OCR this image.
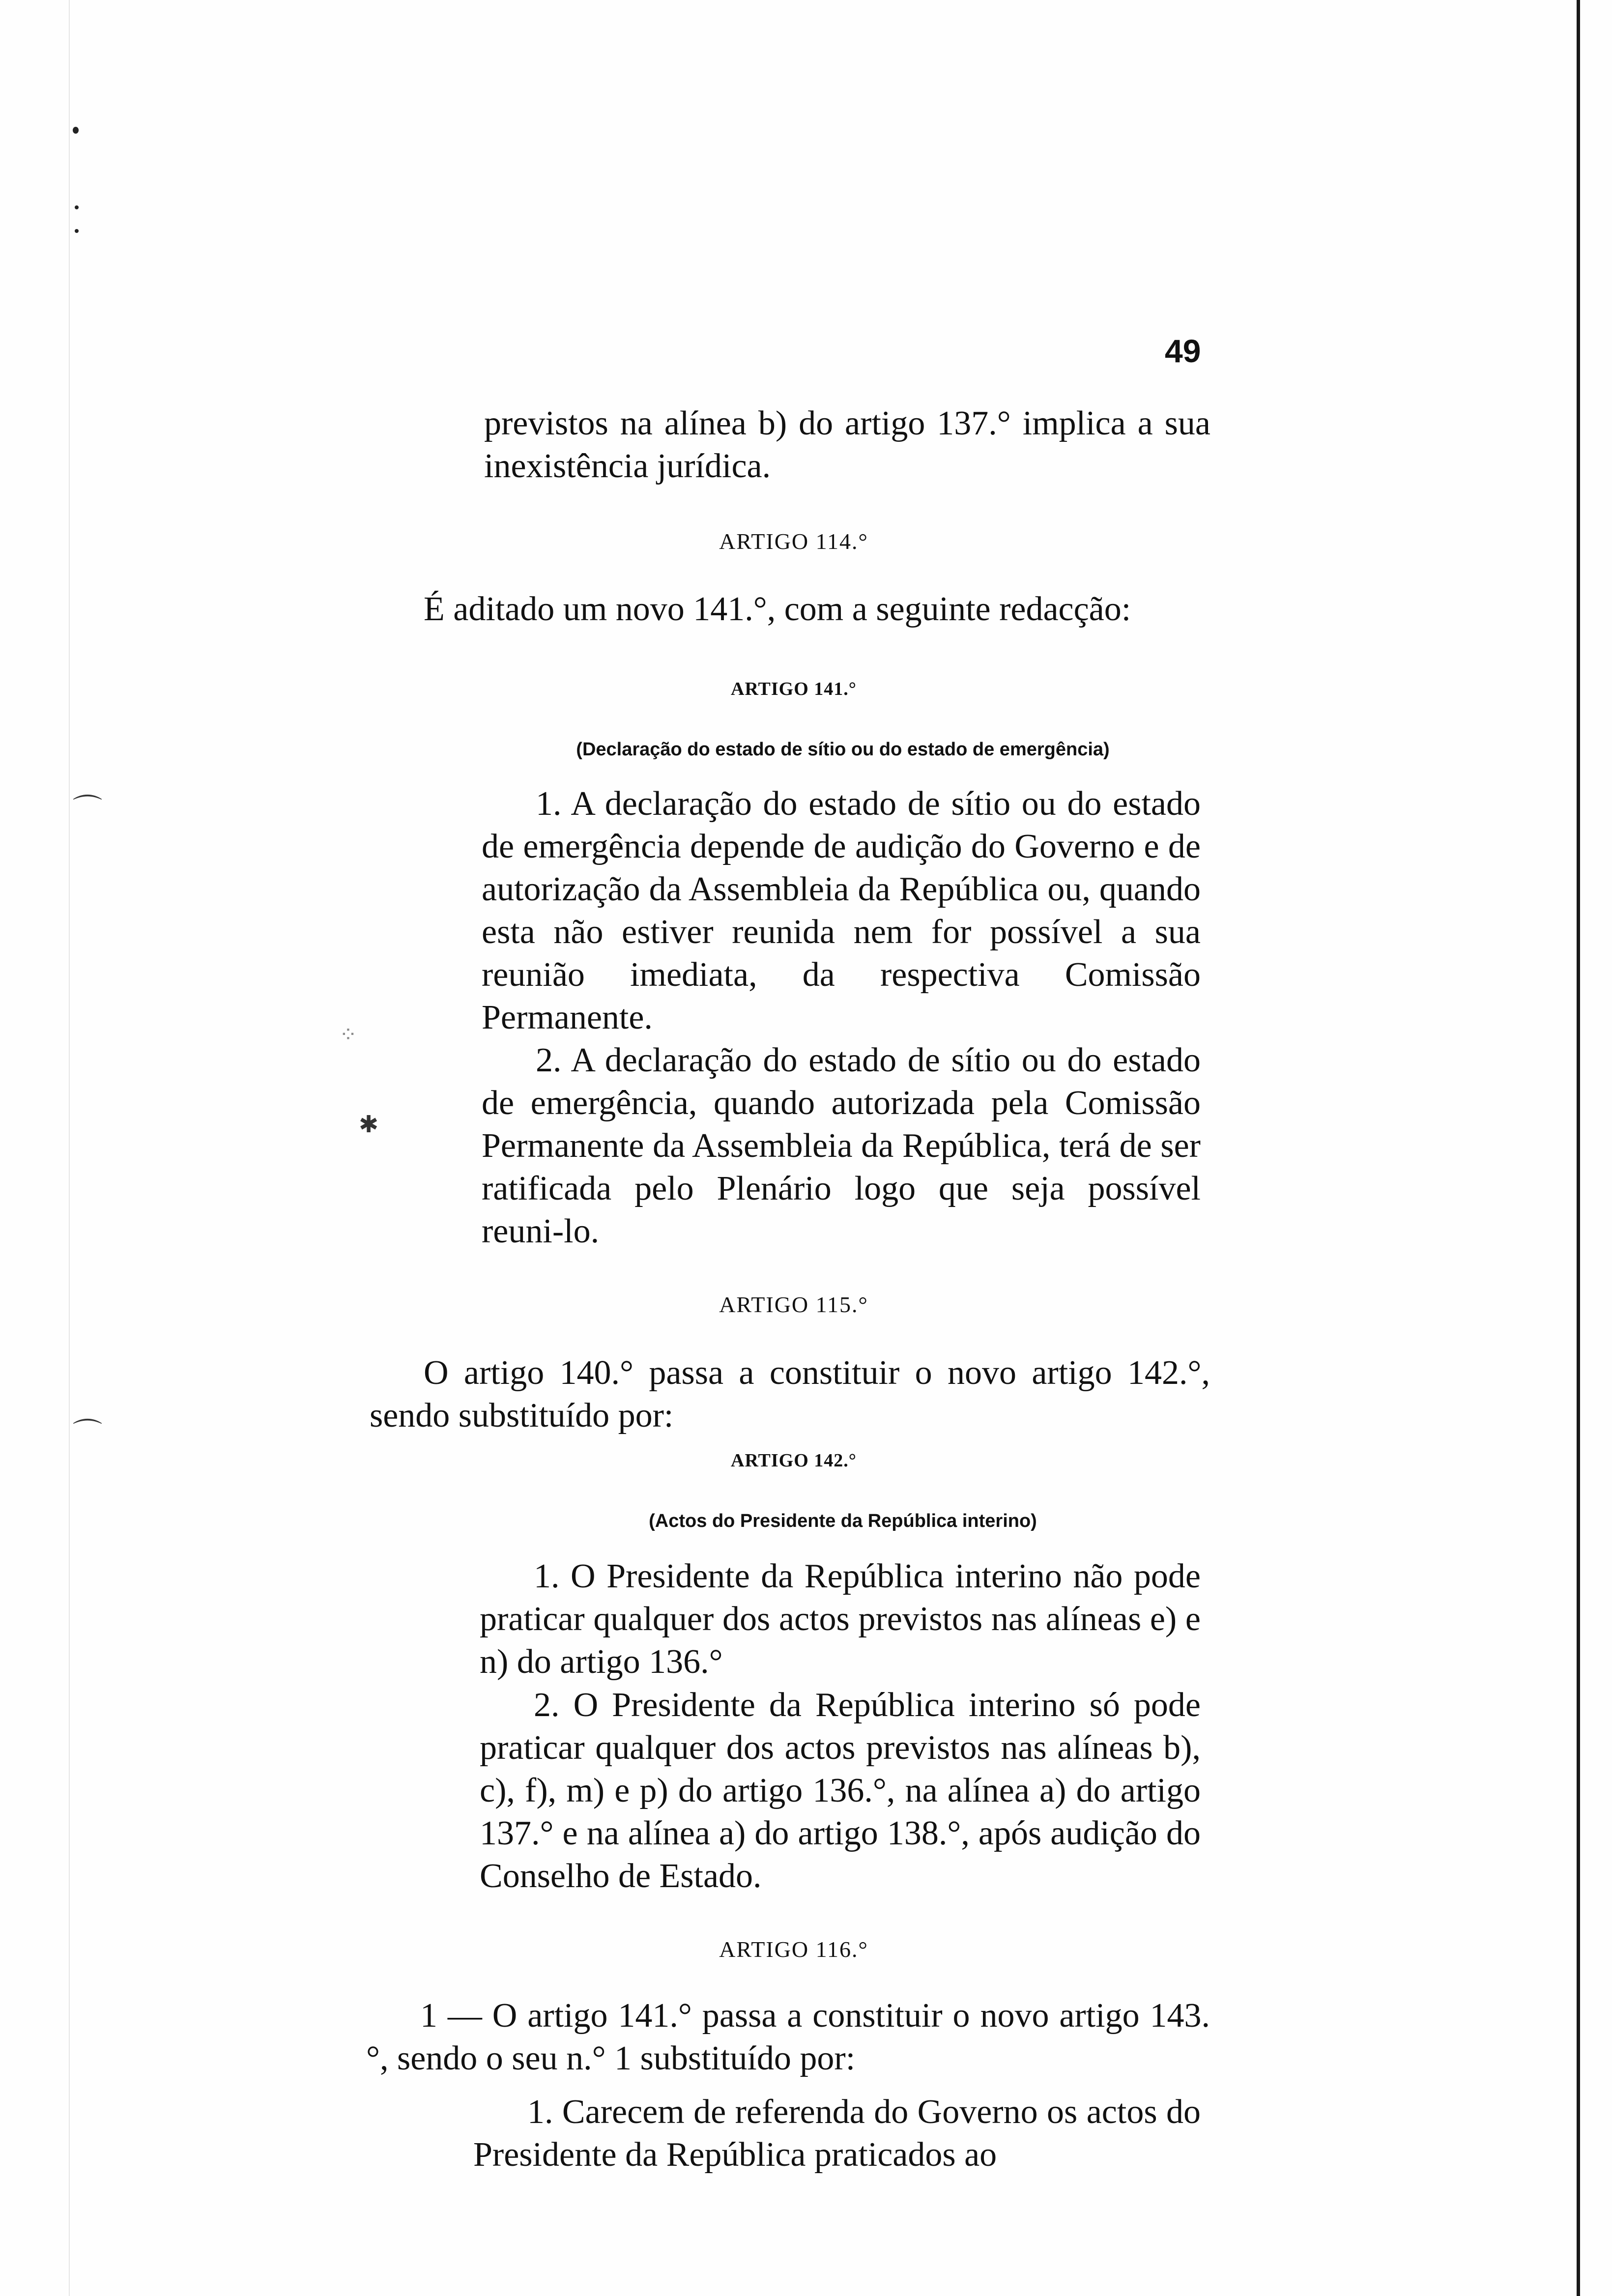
⌒
⌒
⁘
✱

49

previstos na alínea b) do artigo 137.° implica a sua inexistência jurídica.

ARTIGO 114.°

É aditado um novo 141.°, com a seguinte redacção:

ARTIGO 141.°

(Declaração do estado de sítio ou do estado de emergência)

1. A declaração do estado de sítio ou do estado de emergência depende de audição do Governo e de autorização da Assembleia da República ou, quando esta não estiver reunida nem for possível a sua reunião imediata, da respectiva Comissão Permanente.

2. A declaração do estado de sítio ou do estado de emergência, quando autorizada pela Comissão Permanente da Assembleia da República, terá de ser ratificada pelo Plenário logo que seja possível reuni-lo.

ARTIGO 115.°

O artigo 140.° passa a constituir o novo artigo 142.°, sendo substituído por:

ARTIGO 142.°

(Actos do Presidente da República interino)

1. O Presidente da República interino não pode praticar qualquer dos actos previstos nas alíneas e) e n) do artigo 136.°

2. O Presidente da República interino só pode praticar qualquer dos actos previstos nas alíneas b), c), f), m) e p) do artigo 136.°, na alínea a) do artigo 137.° e na alínea a) do artigo 138.°, após audição do Conselho de Estado.

ARTIGO 116.°

1 — O artigo 141.° passa a constituir o novo artigo 143.°, sendo o seu n.° 1 substituído por:

1. Carecem de referenda do Governo os actos do Presidente da República praticados ao
